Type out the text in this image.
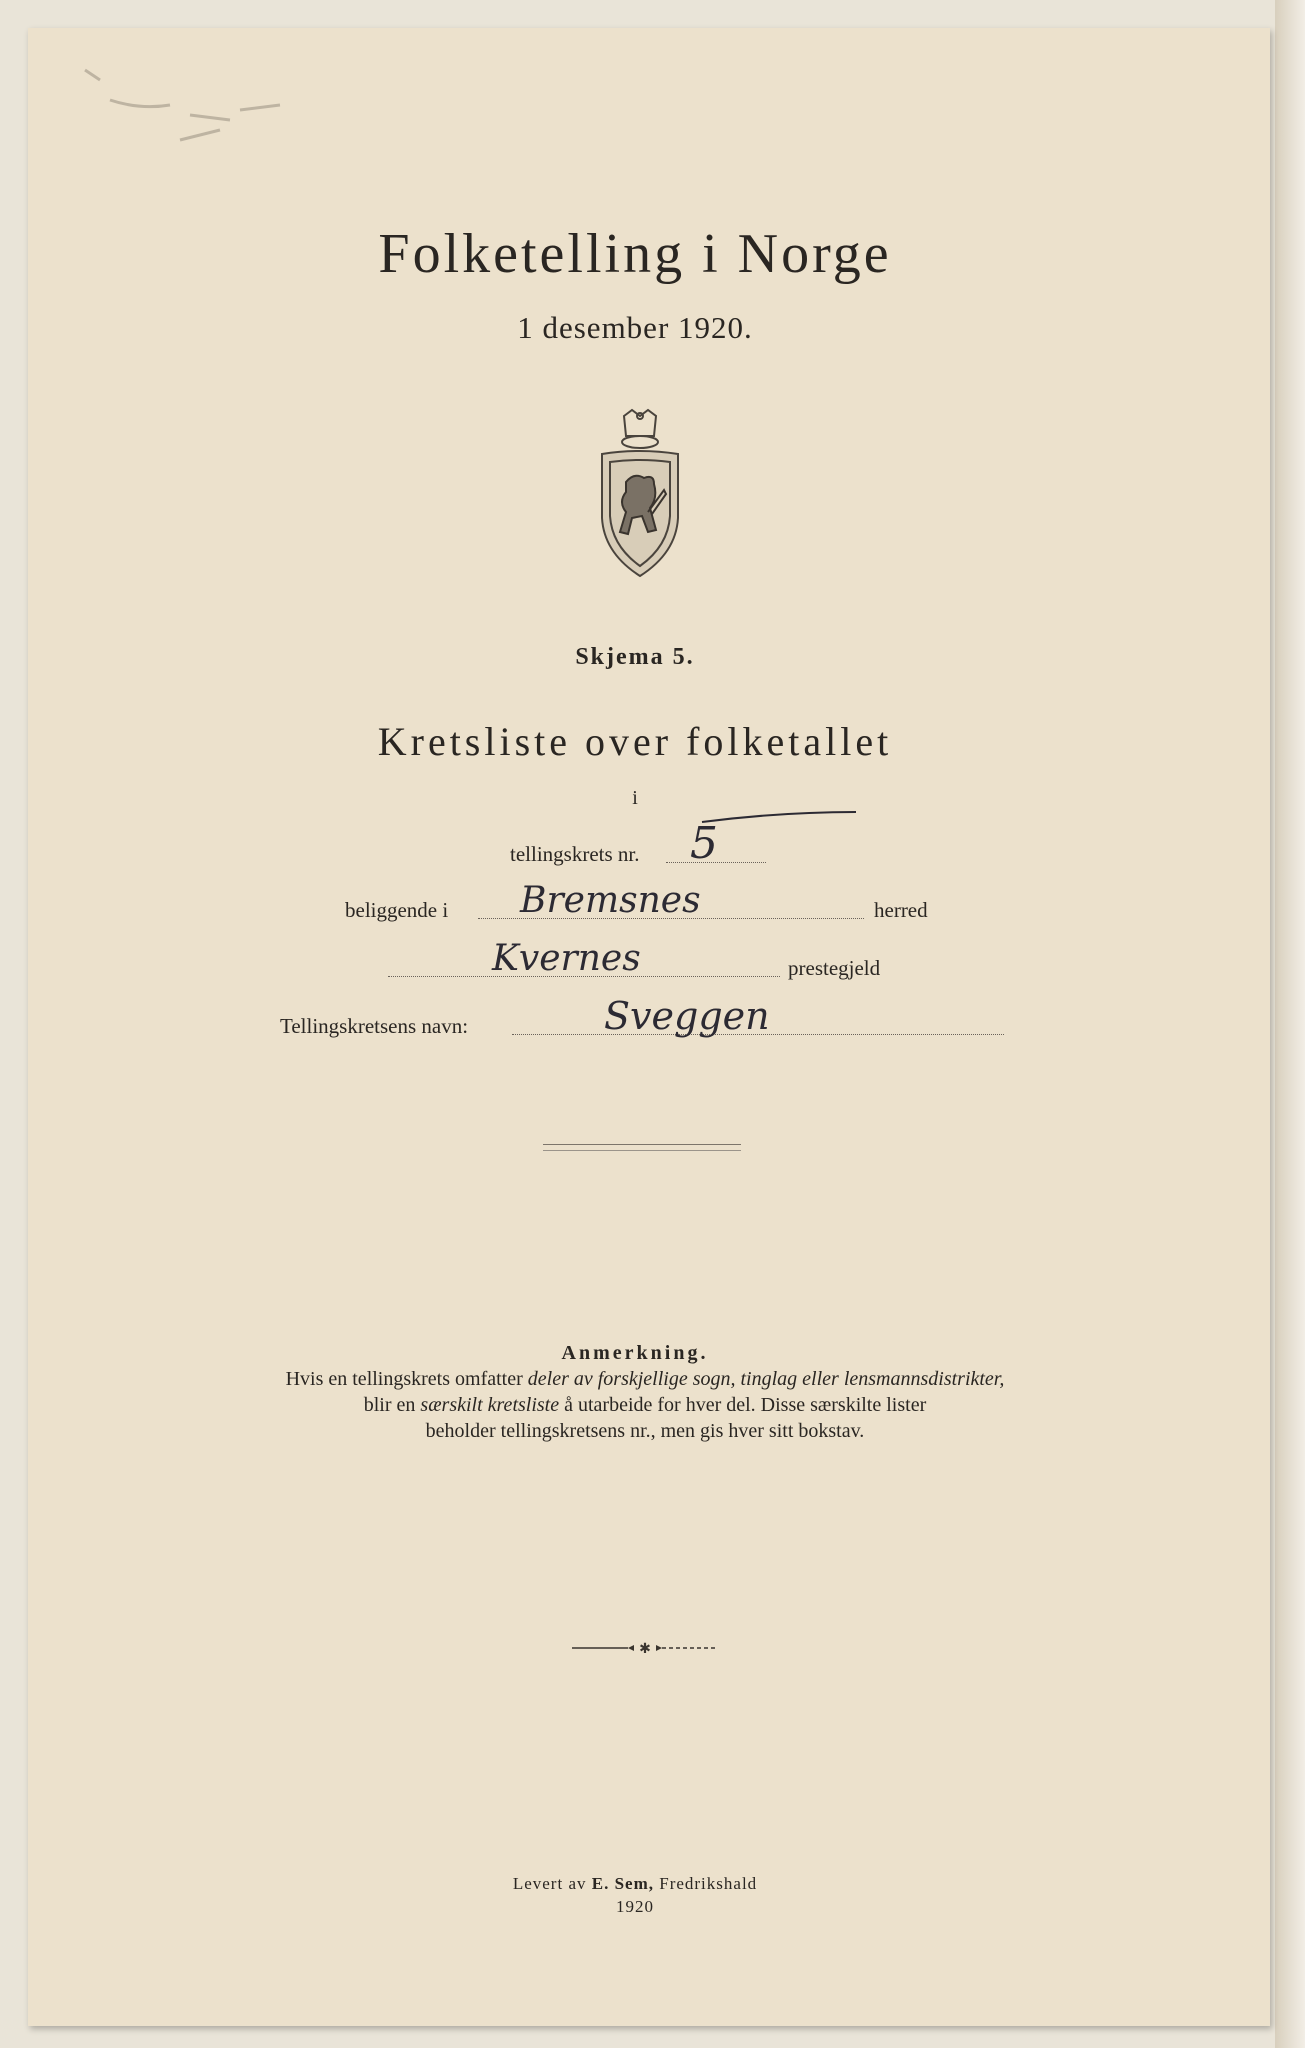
Folketelling i Norge
1 desember 1920.
Skjema 5.
Kretsliste over folketallet
i
tellingskrets nr. 5
beliggende i Bremsnes	herred
Kvernes	prestegjeld
Tellingskretsens navn:	Sveggen
Anmerkning.
Hvis en tellingskrets omfatter deler av forskjellige sogn, tinglag eller lensmannsdistrikter,
blir en særskilt kretsliste å utarbeide for hver del. Disse særskilte lister
beholder tellingskretsens nr., men gis hver sitt bokstav.
✱
Levert av E. Sem, Fredrikshald
1920
